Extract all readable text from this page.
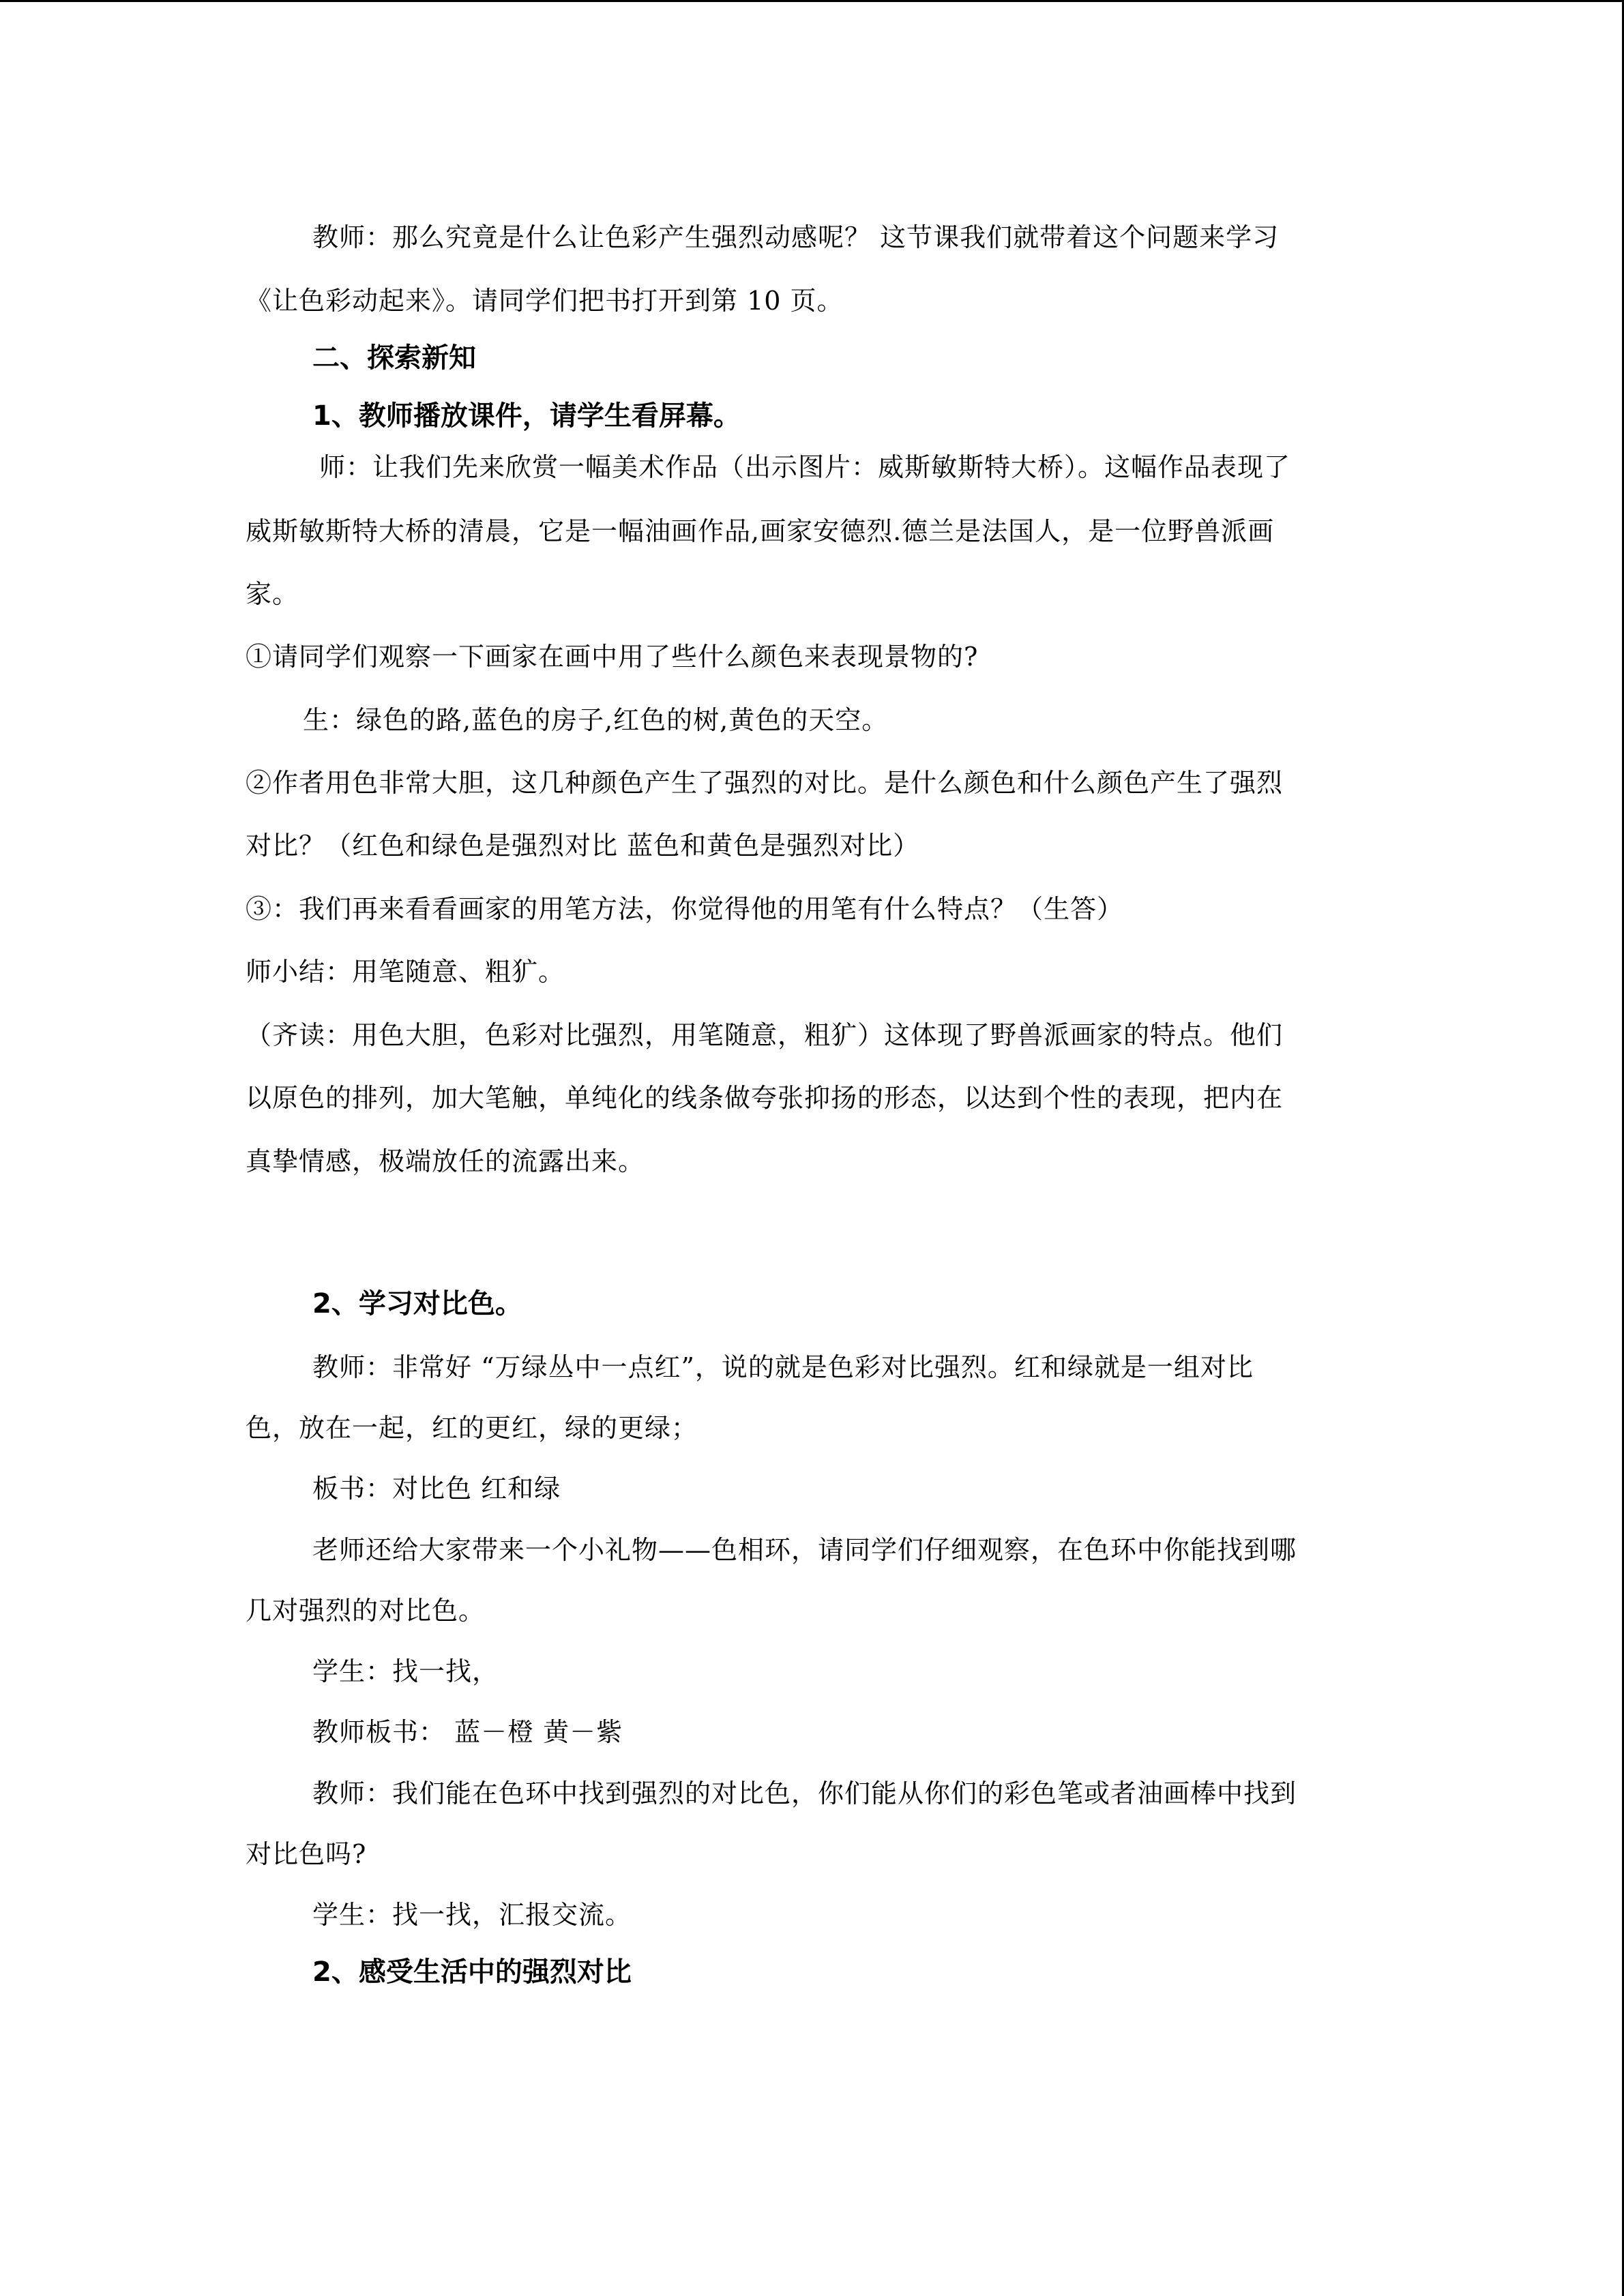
教师：那么究竟是什么让色彩产生强烈动感呢？ 这节课我们就带着这个问题来学习
《让色彩动起来》。请同学们把书打开到第 10 页。
二、探索新知
1、教师播放课件，请学生看屏幕。
师：让我们先来欣赏一幅美术作品（出示图片：威斯敏斯特大桥）。这幅作品表现了
威斯敏斯特大桥的清晨，它是一幅油画作品,画家安德烈.德兰是法国人，是一位野兽派画
家。
①请同学们观察一下画家在画中用了些什么颜色来表现景物的?
生：绿色的路,蓝色的房子,红色的树,黄色的天空。
②作者用色非常大胆，这几种颜色产生了强烈的对比。是什么颜色和什么颜色产生了强烈
对比？（红色和绿色是强烈对比 蓝色和黄色是强烈对比）
③：我们再来看看画家的用笔方法，你觉得他的用笔有什么特点？（生答）
师小结：用笔随意、粗犷。
（齐读：用色大胆，色彩对比强烈，用笔随意，粗犷）这体现了野兽派画家的特点。他们
以原色的排列，加大笔触，单纯化的线条做夸张抑扬的形态，以达到个性的表现，把内在
真挚情感，极端放任的流露出来。
2、学习对比色。
教师：非常好 “万绿丛中一点红”，说的就是色彩对比强烈。红和绿就是一组对比
色，放在一起，红的更红，绿的更绿；
板书：对比色 红和绿
老师还给大家带来一个小礼物——色相环，请同学们仔细观察，在色环中你能找到哪
几对强烈的对比色。
学生：找一找，
教师板书： 蓝－橙 黄－紫
教师：我们能在色环中找到强烈的对比色，你们能从你们的彩色笔或者油画棒中找到
对比色吗?
学生：找一找，汇报交流。
2、感受生活中的强烈对比
